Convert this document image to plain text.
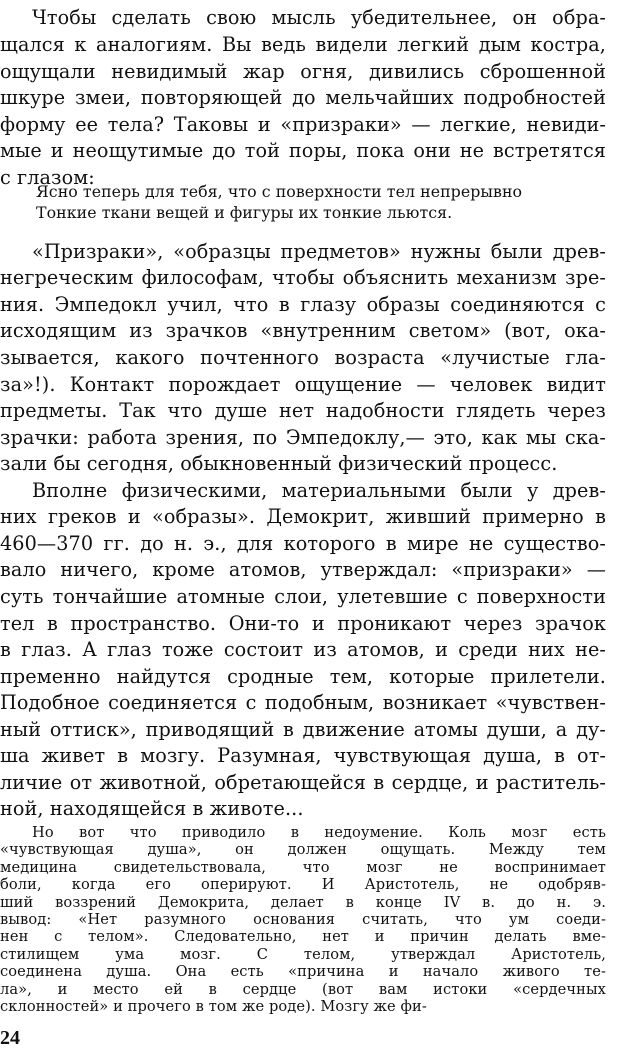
Чтобы сделать свою мысль убедительнее, он обра-
щался к аналогиям. Вы ведь видели легкий дым костра,
ощущали невидимый жар огня, дивились сброшенной
шкуре змеи, повторяющей до мельчайших подробностей
форму ее тела? Таковы и «призраки» — легкие, невиди-
мые и неощутимые до той поры, пока они не встретятся
с глазом:
Ясно теперь для тебя, что с поверхности тел непрерывно
Тонкие ткани вещей и фигуры их тонкие льются.
«Призраки», «образцы предметов» нужны были древ-
негреческим философам, чтобы объяснить механизм зре-
ния. Эмпедокл учил, что в глазу образы соединяются с
исходящим из зрачков «внутренним светом» (вот, ока-
зывается, какого почтенного возраста «лучистые гла-
за»!). Контакт порождает ощущение — человек видит
предметы. Так что душе нет надобности глядеть через
зрачки: работа зрения, по Эмпедоклу,— это, как мы ска-
зали бы сегодня, обыкновенный физический процесс.
Вполне физическими, материальными были у древ-
них греков и «образы». Демокрит, живший примерно в
460—370 гг. до н. э., для которого в мире не существо-
вало ничего, кроме атомов, утверждал: «призраки» —
суть тончайшие атомные слои, улетевшие с поверхности
тел в пространство. Они-то и проникают через зрачок
в глаз. А глаз тоже состоит из атомов, и среди них не-
пременно найдутся сродные тем, которые прилетели.
Подобное соединяется с подобным, возникает «чувствен-
ный оттиск», приводящий в движение атомы души, а ду-
ша живет в мозгу. Разумная, чувствующая душа, в от-
личие от животной, обретающейся в сердце, и раститель-
ной, находящейся в животе...
Но вот что приводило в недоумение. Коль мозг есть
«чувствующая душа», он должен ощущать. Между тем
медицина свидетельствовала, что мозг не воспринимает
боли, когда его оперируют. И Аристотель, не одобряв-
ший воззрений Демокрита, делает в конце IV в. до н. э.
вывод: «Нет разумного основания считать, что ум соеди-
нен с телом». Следовательно, нет и причин делать вме-
стилищем ума мозг. С телом, утверждал Аристотель,
соединена душа. Она есть «причина и начало живого те-
ла», и место ей в сердце (вот вам истоки «сердечных
склонностей» и прочего в том же роде). Мозгу же фи-
24
